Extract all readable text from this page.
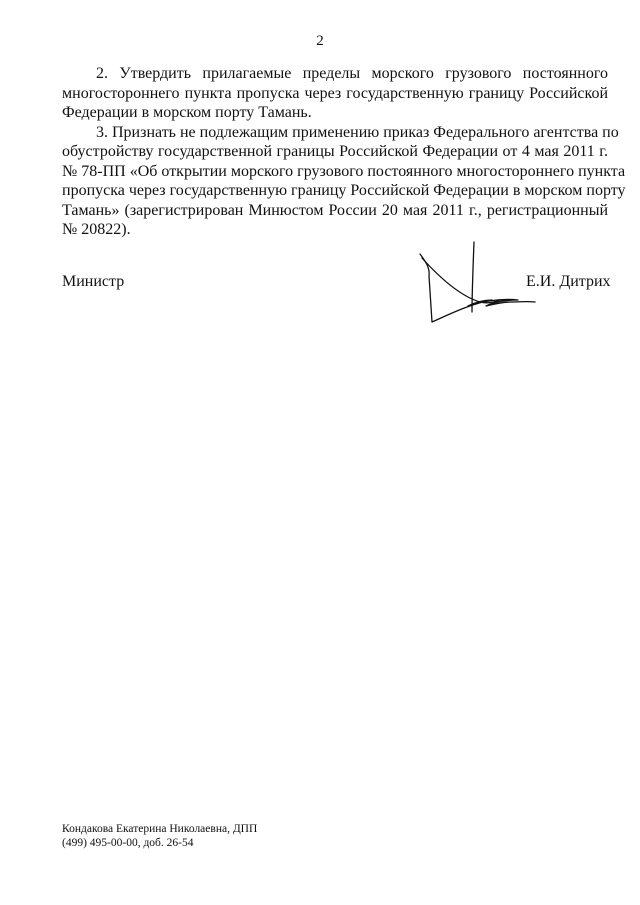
2
2. Утвердить прилагаемые пределы морского грузового постоянного
многостороннего пункта пропуска через государственную границу Российской
Федерации в морском порту Тамань.
3. Признать не подлежащим применению приказ Федерального агентства по
обустройству государственной границы Российской Федерации от 4 мая 2011 г.
№ 78-ПП «Об открытии морского грузового постоянного многостороннего пункта
пропуска через государственную границу Российской Федерации в морском порту
Тамань» (зарегистрирован Минюстом России 20 мая 2011 г., регистрационный
№ 20822).
Министр	Е.И. Дитрих
Кондакова Екатерина Николаевна, ДПП
(499) 495-00-00, доб. 26-54
